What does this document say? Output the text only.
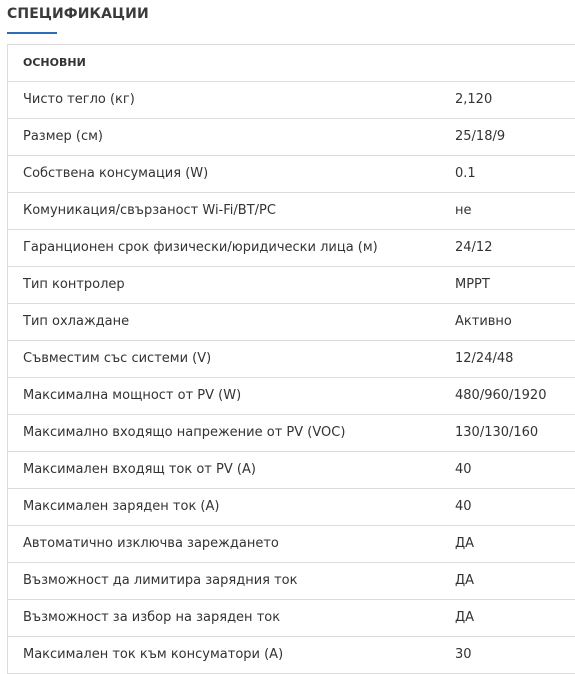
СПЕЦИФИКАЦИИ
ОСНОВНИ
Чисто тегло (кг)	2,120
Размер (см)	25/18/9
Собствена консумация (W)	0.1
Комуникация/свързаност Wi-Fi/BT/PC	не
Гаранционен срок физически/юридически лица (м)	24/12
Тип контролер	MPPT
Тип охлаждане	Активно
Съвместим със системи (V)	12/24/48
Максимална мощност от PV (W)	480/960/1920
Максимално входящо напрежение от PV (VOC)	130/130/160
Максимален входящ ток от PV (A)	40
Максимален заряден ток (A)	40
Автоматично изключва зареждането	ДА
Възможност да лимитира зарядния ток	ДА
Възможност за избор на заряден ток	ДА
Максимален ток към консуматори (A)	30
